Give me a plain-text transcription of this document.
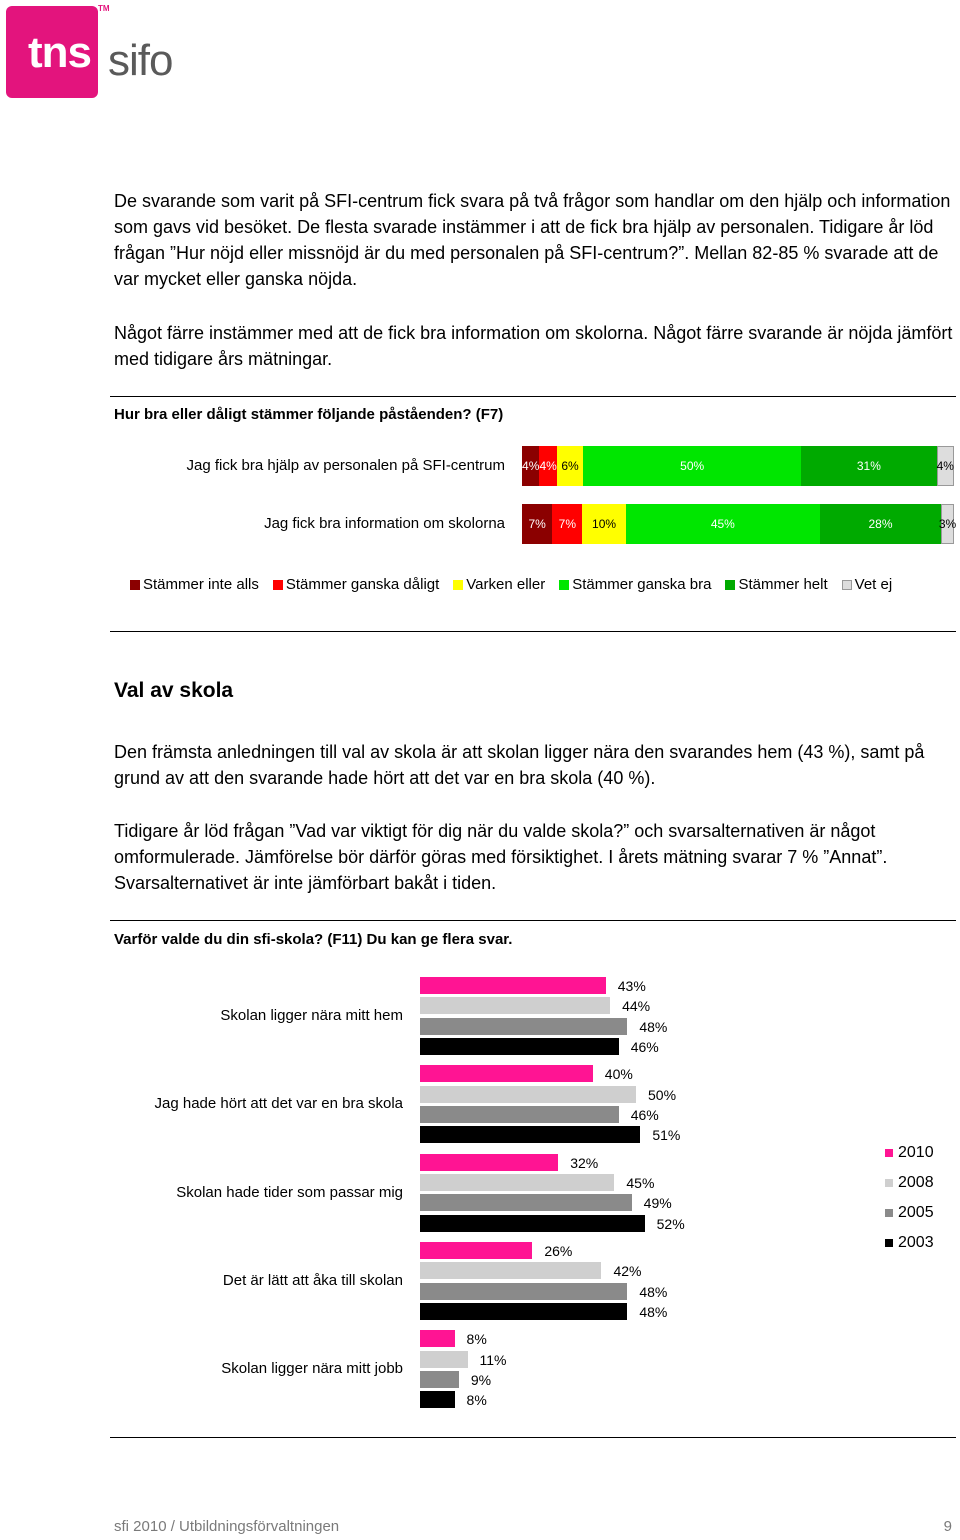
tns
TM
sifo

De svarande som varit på SFI-centrum fick svara på två frågor som handlar om den hjälp och information som gavs vid besöket. De flesta svarade instämmer i att de fick bra hjälp av personalen. Tidigare år löd frågan ”Hur nöjd eller missnöjd är du med personalen på SFI-centrum?”. Mellan 82-85 % svarade att de var mycket eller ganska nöjda.

Något färre instämmer med att de fick bra information om skolorna. Något färre svarande är nöjda jämfört med tidigare års mätningar.

Hur bra eller dåligt stämmer följande påståenden? (F7)

Jag fick bra hjälp av personalen på SFI-centrum 4% 4% 6%	50%	31%	4%
Jag fick bra information om skolorna 7% 7% 10%	45%	28%	3%
Stämmer inte alls Stämmer ganska dåligt Varken eller Stämmer ganska bra Stämmer helt Vet ej
Val av skola

Den främsta anledningen till val av skola är att skolan ligger nära den svarandes hem (43 %), samt på grund av att den svarande hade hört att det var en bra skola (40 %).

Tidigare år löd frågan ”Vad var viktigt för dig när du valde skola?” och svarsalternativen är något omformulerade. Jämförelse bör därför göras med försiktighet. I årets mätning svarar 7 % ”Annat”. Svarsalternativet är inte jämförbart bakåt i tiden.

Varför valde du din sfi-skola? (F11) Du kan ge flera svar.

Skolan ligger nära mitt hem
43%
44%
48%
46%
Jag hade hört att det var en bra skola
40%
50%
46%
51%
Skolan hade tider som passar mig
32%
45%
49%
52%
Det är lätt att åka till skolan
26%
42%
48%
48%
Skolan ligger nära mitt jobb
8%
11%
9%
8%
2010
2008
2005
2003
sfi 2010 / Utbildningsförvaltningen	9
